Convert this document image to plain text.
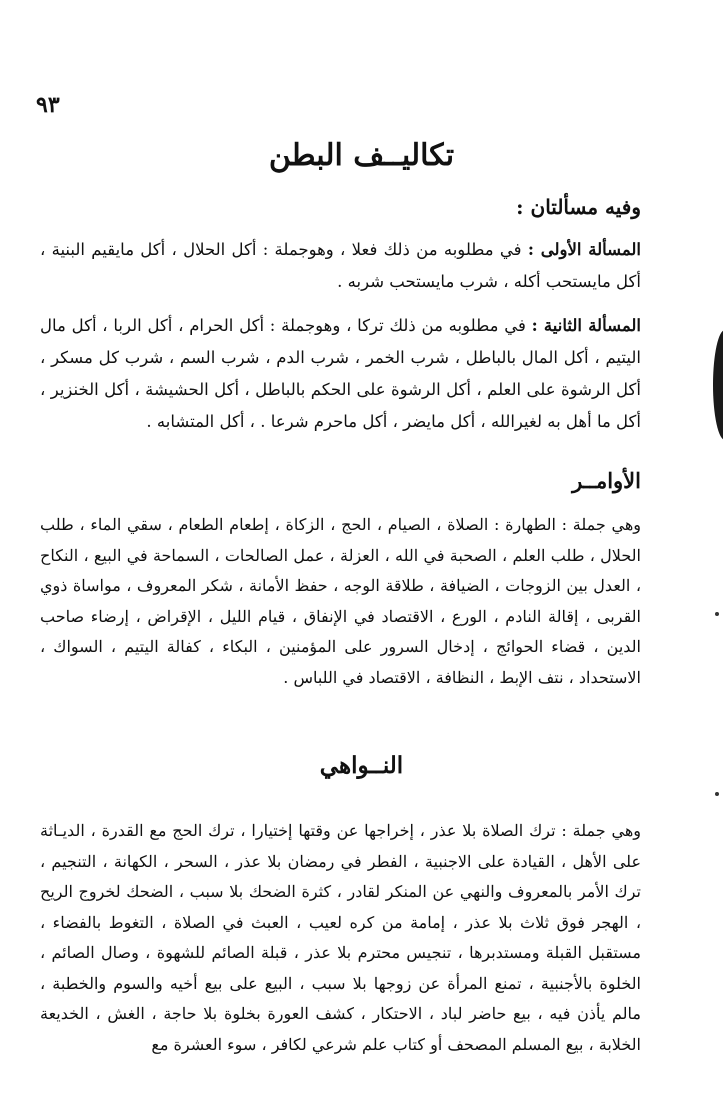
٩٣
تكاليــف البطن
وفيه مسألتان :

المسألة الأولى : في مطلوبه من ذلك فعلا ، وهوجملة : أكل الحلال ، أكل مايقيم البنية ، أكل مايستحب أكله ، شرب مايستحب شربه .

المسألة الثانية : في مطلوبه من ذلك تركا ، وهوجملة : أكل الحرام ، أكل الربا ، أكل مال اليتيم ، أكل المال بالباطل ، شرب الخمر ، شرب الدم ، شرب السم ، شرب كل مسكر ، أكل الرشوة على العلم ، أكل الرشوة على الحكم بالباطل ، أكل الحشيشة ، أكل الخنزير ، أكل ما أهل به لغيرالله ، أكل مايضر ، أكل ماحرم شرعا . ، أكل المتشابه .

الأوامــر

وهي جملة : الطهارة : الصلاة ، الصيام ، الحج ، الزكاة ، إطعام الطعام ، سقي الماء ، طلب الحلال ، طلب العلم ، الصحبة في الله ، العزلة ، عمل الصالحات ، السماحة في البيع ، النكاح ، العدل بين الزوجات ، الضيافة ، طلاقة الوجه ، حفظ الأمانة ، شكر المعروف ، مواساة ذوي القربى ، إقالة النادم ، الورع ، الاقتصاد في الإنفاق ، قيام الليل ، الإقراض ، إرضاء صاحب الدين ، قضاء الحوائج ، إدخال السرور على المؤمنين ، البكاء ، كفالة اليتيم ، السواك ، الاستحداد ، نتف الإبط ، النظافة ، الاقتصاد في اللباس .

النــواهي

وهي جملة : ترك الصلاة بلا عذر ، إخراجها عن وقتها إختيارا ، ترك الحج مع القدرة ، الديـاثة على الأهل ، القيادة على الاجنبية ، الفطر في رمضان بلا عذر ، السحر ، الكهانة ، التنجيم ، ترك الأمر بالمعروف والنهي عن المنكر لقادر ، كثرة الضحك بلا سبب ، الضحك لخروج الريح ، الهجر فوق ثلاث بلا عذر ، إمامة من كره لعيب ، العبث في الصلاة ، التغوط بالفضاء ، مستقبل القبلة ومستدبرها ، تنجيس محترم بلا عذر ، قبلة الصائم للشهوة ، وصال الصائم ، الخلوة بالأجنبية ، تمنع المرأة عن زوجها بلا سبب ، البيع على بيع أخيه والسوم والخطبة ، مالم يأذن فيه ، بيع حاضر لباد ، الاحتكار ، كشف العورة بخلوة بلا حاجة ، الغش ، الخديعة الخلابة ، بيع المسلم المصحف أو كتاب علم شرعي لكافر ، سوء العشرة مع
